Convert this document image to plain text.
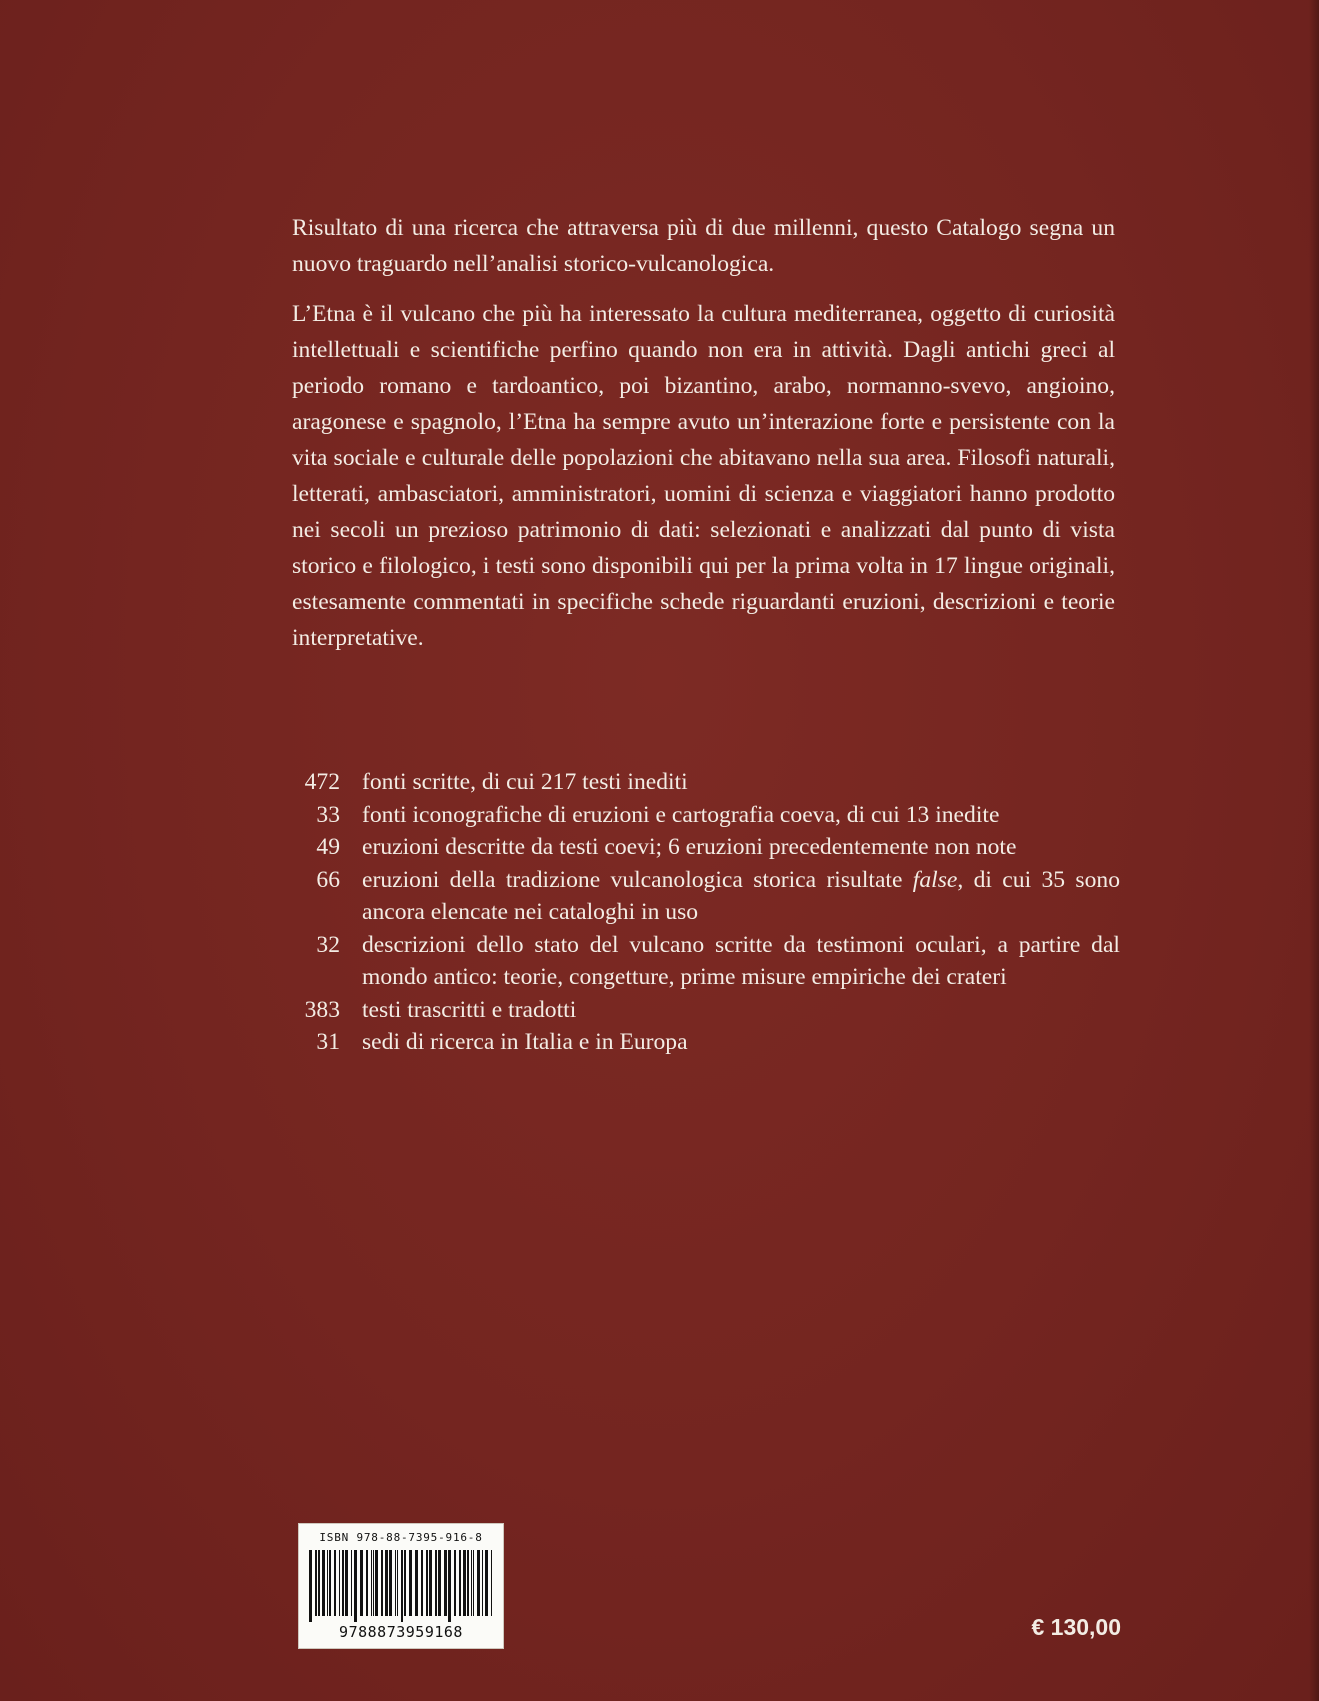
Risultato di una ricerca che attraversa più di due millenni, questo Catalogo segna un nuovo traguardo nell’analisi storico-vulcanologica.

L’Etna è il vulcano che più ha interessato la cultura mediterranea, oggetto di curiosità intellettuali e scientifiche perfino quando non era in attività. Dagli antichi greci al periodo romano e tardoantico, poi bizantino, arabo, normanno-svevo, angioino, aragonese e spagnolo, l’Etna ha sempre avuto un’interazione forte e persistente con la vita sociale e culturale delle popolazioni che abitavano nella sua area. Filosofi naturali, letterati, ambasciatori, amministratori, uomini di scienza e viaggiatori hanno prodotto nei secoli un prezioso patrimonio di dati: selezionati e analizzati dal punto di vista storico e filologico, i testi sono disponibili qui per la prima volta in 17 lingue originali, estesamente commentati in specifiche schede riguardanti eruzioni, descrizioni e teorie interpretative.

472 fonti scritte, di cui 217 testi inediti
33 fonti iconografiche di eruzioni e cartografia coeva, di cui 13 inedite
49 eruzioni descritte da testi coevi; 6 eruzioni precedentemente non note
66 eruzioni della tradizione vulcanologica storica risultate false, di cui 35 sono ancora elencate nei cataloghi in uso
32 descrizioni dello stato del vulcano scritte da testimoni oculari, a partire dal mondo antico: teorie, congetture, prime misure empiriche dei crateri
383 testi trascritti e tradotti
31 sedi di ricerca in Italia e in Europa
ISBN 978-88-7395-916-8
9788873959168	€ 130,00
